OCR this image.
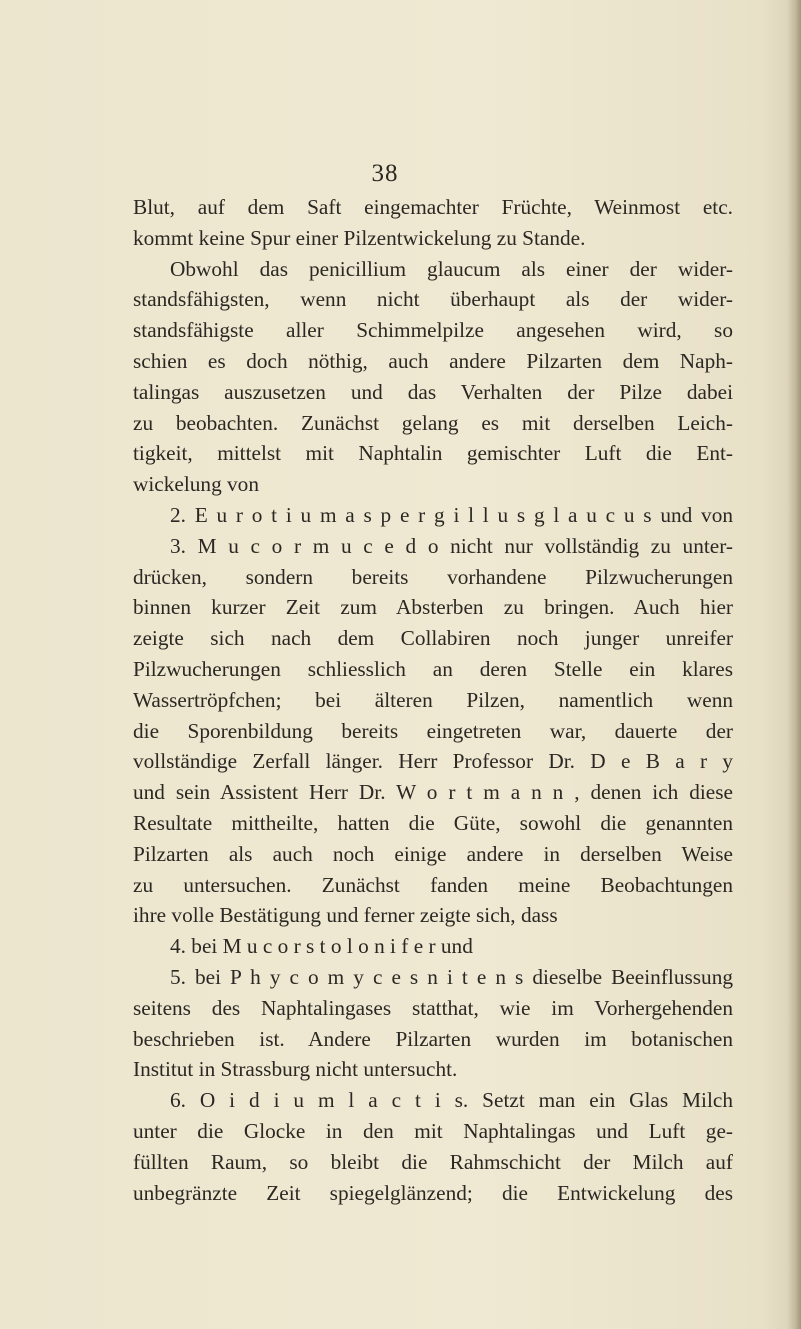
38
Blut, auf dem Saft eingemachter Früchte, Weinmost etc.
kommt keine Spur einer Pilzentwickelung zu Stande.
Obwohl das penicillium glaucum als einer der wider-
standsfähigsten, wenn nicht überhaupt als der wider-
standsfähigste aller Schimmelpilze angesehen wird, so
schien es doch nöthig, auch andere Pilzarten dem Naph-
talingas auszusetzen und das Verhalten der Pilze dabei
zu beobachten. Zunächst gelang es mit derselben Leich-
tigkeit, mittelst mit Naphtalin gemischter Luft die Ent-
wickelung von
2. E u r o t i u m a s p e r g i l l u s g l a u c u s und von
3. M u c o r m u c e d o nicht nur vollständig zu unter-
drücken, sondern bereits vorhandene Pilzwucherungen
binnen kurzer Zeit zum Absterben zu bringen. Auch hier
zeigte sich nach dem Collabiren noch junger unreifer
Pilzwucherungen schliesslich an deren Stelle ein klares
Wassertröpfchen; bei älteren Pilzen, namentlich wenn
die Sporenbildung bereits eingetreten war, dauerte der
vollständige Zerfall länger. Herr Professor Dr. D e B a r y
und sein Assistent Herr Dr. W o r t m a n n , denen ich diese
Resultate mittheilte, hatten die Güte, sowohl die genannten
Pilzarten als auch noch einige andere in derselben Weise
zu untersuchen. Zunächst fanden meine Beobachtungen
ihre volle Bestätigung und ferner zeigte sich, dass
4. bei M u c o r s t o l o n i f e r und
5. bei P h y c o m y c e s n i t e n s dieselbe Beeinflussung
seitens des Naphtalingases statthat, wie im Vorhergehenden
beschrieben ist. Andere Pilzarten wurden im botanischen
Institut in Strassburg nicht untersucht.
6. O i d i u m l a c t i s. Setzt man ein Glas Milch
unter die Glocke in den mit Naphtalingas und Luft ge-
füllten Raum, so bleibt die Rahmschicht der Milch auf
unbegränzte Zeit spiegelglänzend; die Entwickelung des
